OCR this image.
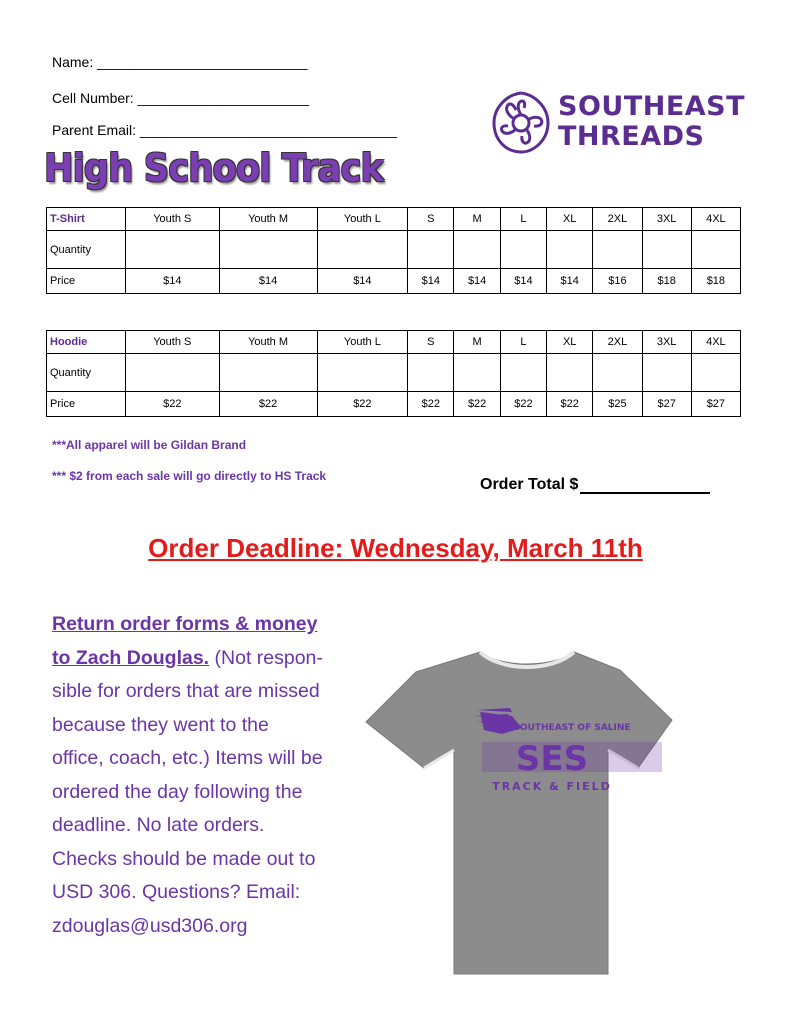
Name: ___________________________
Cell Number: ______________________
Parent Email: _________________________________
SOUTHEAST
THREADS
High School Track
T-Shirt	Youth S	Youth M	Youth L	S	M	L	XL	2XL	3XL	4XL
Quantity										
Price	$14	$14	$14	$14	$14	$14	$14	$16	$18	$18
Hoodie	Youth S	Youth M	Youth L	S	M	L	XL	2XL	3XL	4XL
Quantity										
Price	$22	$22	$22	$22	$22	$22	$22	$25	$27	$27
***All apparel will be Gildan Brand
*** $2 from each sale will go directly to HS Track	Order Total $
Order Deadline: Wednesday, March 11th
Return order forms & money
to Zach Douglas. (Not respon-
sible for orders that are missed
because they went to the
office, coach, etc.) Items will be
ordered the day following the
deadline. No late orders.
Checks should be made out to
USD 306. Questions? Email:
zdouglas@usd306.org
SOUTHEAST OF SALINE
SES
TRACK & FIELD
